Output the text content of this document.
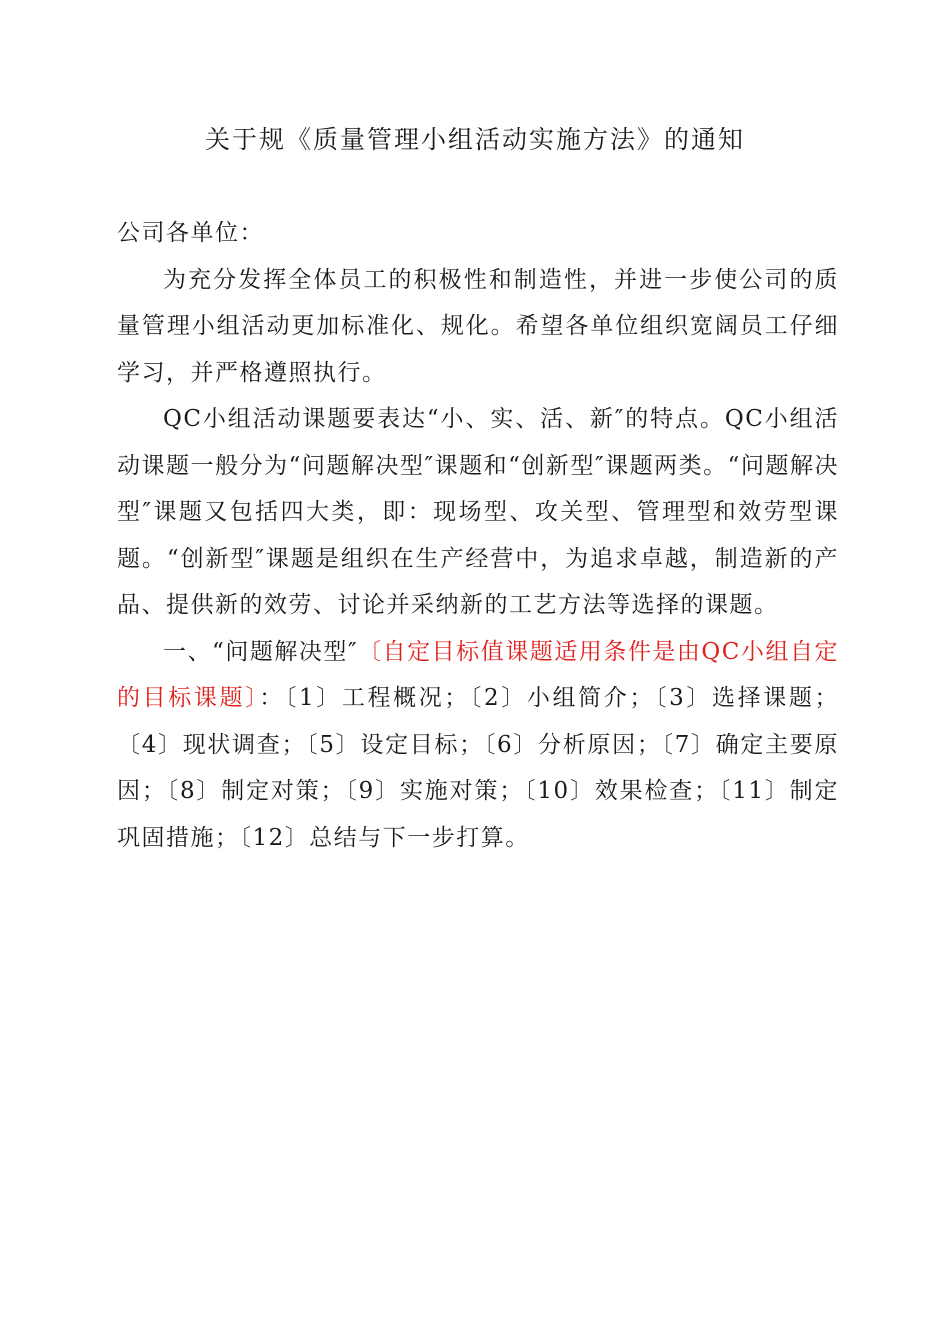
关于规《质量管理小组活动实施方法》的通知

公司各单位：

为充分发挥全体员工的积极性和制造性，并进一步使公司的质量管理小组活动更加标准化、规化。希望各单位组织宽阔员工仔细学习，并严格遵照执行。

QC小组活动课题要表达“小、实、活、新″的特点。QC小组活动课题一般分为“问题解决型″课题和“创新型″课题两类。“问题解决型″课题又包括四大类，即：现场型、攻关型、管理型和效劳型课题。“创新型″课题是组织在生产经营中，为追求卓越，制造新的产品、提供新的效劳、讨论并采纳新的工艺方法等选择的课题。

一、“问题解决型″〔自定目标值课题适用条件是由QC小组自定的目标课题〕：〔1〕工程概况；〔2〕小组简介；〔3〕选择课题；〔4〕现状调查；〔5〕设定目标；〔6〕分析原因；〔7〕确定主要原因；〔8〕制定对策；〔9〕实施对策；〔10〕效果检查；〔11〕制定巩固措施；〔12〕总结与下一步打算。
